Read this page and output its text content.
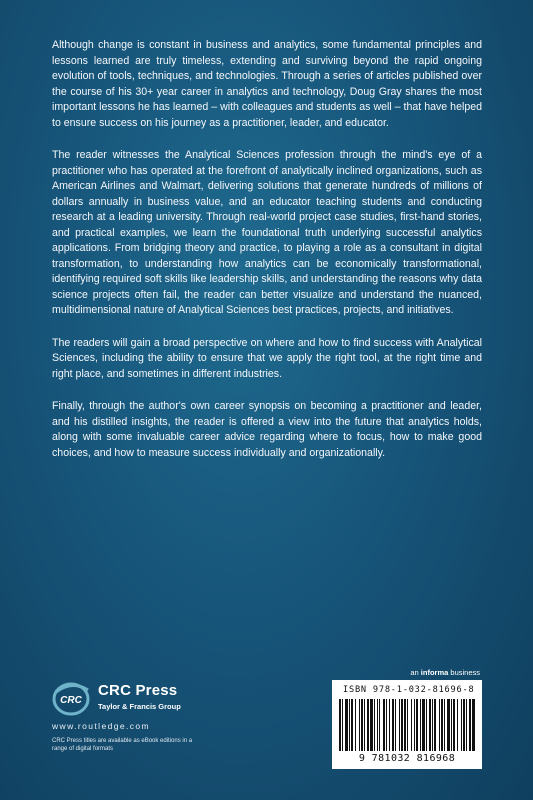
Although change is constant in business and analytics, some fundamental principles and lessons learned are truly timeless, extending and surviving beyond the rapid ongoing evolution of tools, techniques, and technologies. Through a series of articles published over the course of his 30+ year career in analytics and technology, Doug Gray shares the most important lessons he has learned – with colleagues and students as well – that have helped to ensure success on his journey as a practitioner, leader, and educator.

The reader witnesses the Analytical Sciences profession through the mind's eye of a practitioner who has operated at the forefront of analytically inclined organizations, such as American Airlines and Walmart, delivering solutions that generate hundreds of millions of dollars annually in business value, and an educator teaching students and conducting research at a leading university. Through real-world project case studies, first-hand stories, and practical examples, we learn the foundational truth underlying successful analytics applications. From bridging theory and practice, to playing a role as a consultant in digital transformation, to understanding how analytics can be economically transformational, identifying required soft skills like leadership skills, and understanding the reasons why data science projects often fail, the reader can better visualize and understand the nuanced, multidimensional nature of Analytical Sciences best practices, projects, and initiatives.

The readers will gain a broad perspective on where and how to find success with Analytical Sciences, including the ability to ensure that we apply the right tool, at the right time and right place, and sometimes in different industries.

Finally, through the author's own career synopsis on becoming a practitioner and leader, and his distilled insights, the reader is offered a view into the future that analytics holds, along with some invaluable career advice regarding where to focus, how to make good choices, and how to measure success individually and organizationally.

an informa business
CRC
CRC Press
Taylor & Francis Group
www.routledge.com
CRC Press titles are available as eBook editions in a range of digital formats
ISBN 978-1-032-81696-8
9 781032 816968
